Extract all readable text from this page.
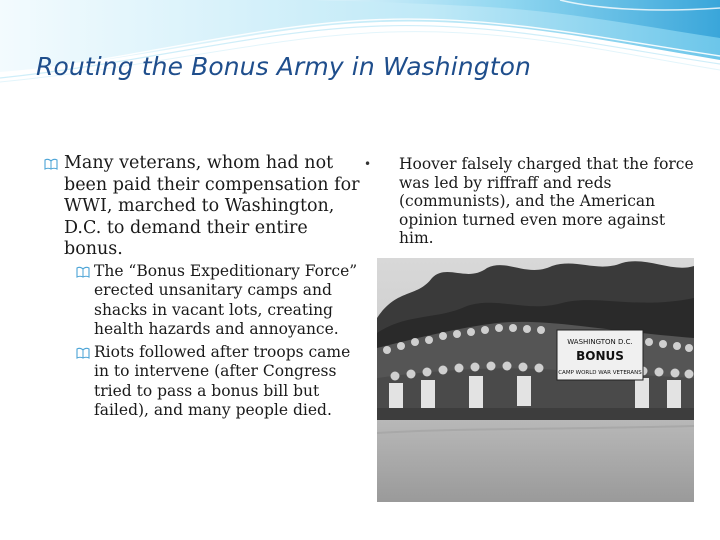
Routing the Bonus Army in Washington
Many veterans, whom had not been paid their compensation for WWI, marched to Washington, D.C. to demand their entire bonus.
The “Bonus Expeditionary Force” erected unsanitary camps and shacks in vacant lots, creating health hazards and annoyance.
Riots followed after troops came in to intervene (after Congress tried to pass a bonus bill but failed), and many people died.
• Hoover falsely charged that the force was led by riffraff and reds (communists), and the American opinion turned even more against him.
WASHINGTON D.C.
BONUS
CAMP WORLD WAR VETERANS
